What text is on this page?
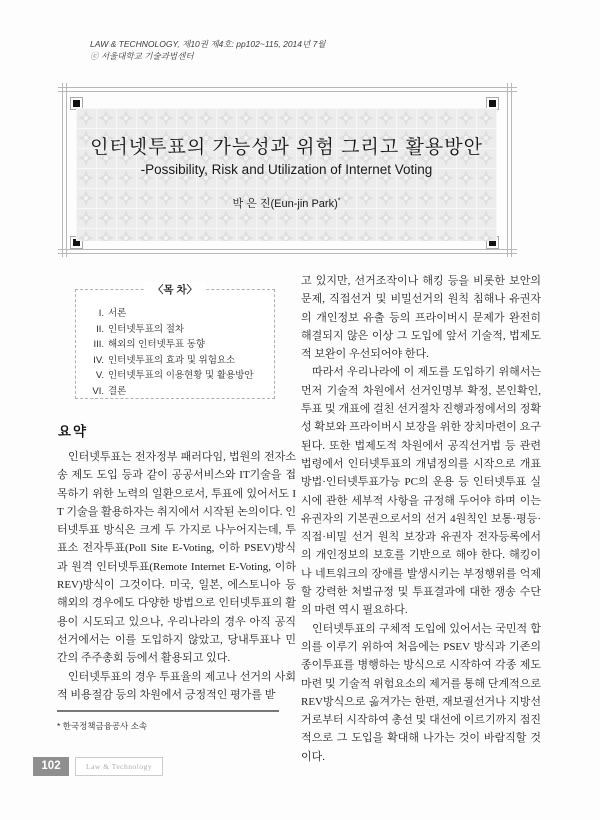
LAW & TECHNOLOGY, 제10권 제4호: pp102~115, 2014년 7월
ⓒ 서울대학교 기술과법센터
인터넷투표의 가능성과 위험 그리고 활용방안
-Possibility, Risk and Utilization of Internet Voting
박 은 진(Eun-jin Park)*
〈목 차〉
I. 서론
II. 인터넷투표의 절차
III. 해외의 인터넷투표 동향
IV. 인터넷투표의 효과 및 위험요소
V. 인터넷투표의 이용현황 및 활용방안
VI. 결론
요약

인터넷투표는 전자정부 패러다임, 법원의 전자소송 제도 도입 등과 같이 공공서비스와 IT기술을 접목하기 위한 노력의 일환으로서, 투표에 있어서도 IT 기술을 활용하자는 취지에서 시작된 논의이다. 인터넷투표 방식은 크게 두 가지로 나누어지는데, 투표소 전자투표(Poll Site E-Voting, 이하 PSEV)방식과 원격 인터넷투표(Remote Internet E-Voting, 이하 REV)방식이 그것이다. 미국, 일본, 에스토니아 등 해외의 경우에도 다양한 방법으로 인터넷투표의 활용이 시도되고 있으나, 우리나라의 경우 아직 공직선거에서는 이를 도입하지 않았고, 당내투표나 민간의 주주총회 등에서 활용되고 있다.

인터넷투표의 경우 투표율의 제고나 선거의 사회적 비용절감 등의 차원에서 긍정적인 평가를 받

고 있지만, 선거조작이나 해킹 등을 비롯한 보안의 문제, 직접선거 및 비밀선거의 원칙 침해나 유권자의 개인정보 유출 등의 프라이버시 문제가 완전히 해결되지 않은 이상 그 도입에 앞서 기술적, 법제도적 보완이 우선되어야 한다.

따라서 우리나라에 이 제도를 도입하기 위해서는 먼저 기술적 차원에서 선거인명부 확정, 본인확인, 투표 및 개표에 걸친 선거절차 진행과정에서의 정확성 확보와 프라이버시 보장을 위한 장치마련이 요구된다. 또한 법제도적 차원에서 공직선거법 등 관련법령에서 인터넷투표의 개념정의를 시작으로 개표방법·인터넷투표가능 PC의 운용 등 인터넷투표 실시에 관한 세부적 사항을 규정해 두어야 하며 이는 유권자의 기본권으로서의 선거 4원칙인 보통·평등·직접·비밀 선거 원칙 보장과 유권자 전자등록에서의 개인정보의 보호를 기반으로 해야 한다. 해킹이나 네트워크의 장애를 발생시키는 부정행위를 억제할 강력한 처벌규정 및 투표결과에 대한 쟁송 수단의 마련 역시 필요하다.

인터넷투표의 구체적 도입에 있어서는 국민적 합의를 이루기 위하여 처음에는 PSEV 방식과 기존의 종이투표를 병행하는 방식으로 시작하여 각종 제도 마련 및 기술적 위험요소의 제거를 통해 단계적으로 REV방식으로 옮겨가는 한편, 재보궐선거나 지방선거로부터 시작하여 총선 및 대선에 이르기까지 점진적으로 그 도입을 확대해 나가는 것이 바람직할 것이다.

* 한국정책금융공사 소속
102	Law & Technology
